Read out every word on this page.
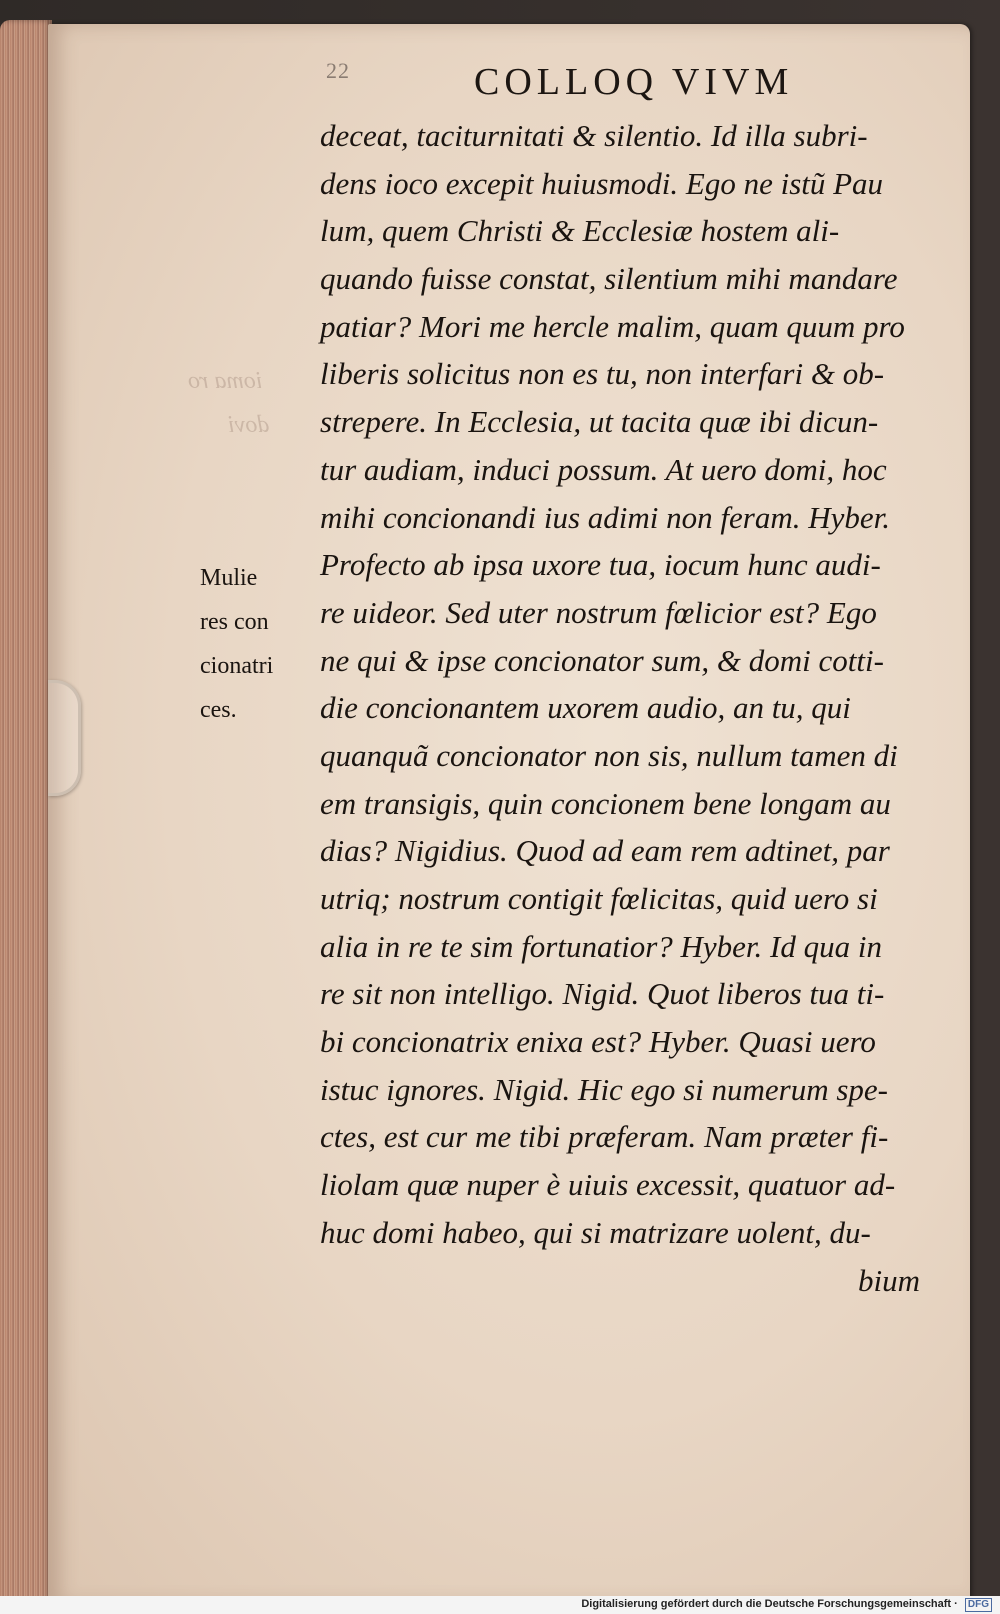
ioma ro
dovi
22	COLLOQ VIVM
deceat, taciturnitati & silentio. Id illa subri-
dens ioco excepit huiusmodi. Ego ne istũ Pau
lum, quem Christi & Ecclesiæ hostem ali-
quando fuisse constat, silentium mihi mandare
patiar? Mori me hercle malim, quam quum pro
liberis solicitus non es tu, non interfari & ob-
strepere. In Ecclesia, ut tacita quæ ibi dicun-
tur audiam, induci possum. At uero domi, hoc
mihi concionandi ius adimi non feram. Hyber.
Profecto ab ipsa uxore tua, iocum hunc audi-
re uideor. Sed uter nostrum fœlicior est? Ego
ne qui & ipse concionator sum, & domi cotti-
die concionantem uxorem audio, an tu, qui
quanquã concionator non sis, nullum tamen di
em transigis, quin concionem bene longam au
dias? Nigidius. Quod ad eam rem adtinet, par
utriq; nostrum contigit fœlicitas, quid uero si
alia in re te sim fortunatior? Hyber. Id qua in
re sit non intelligo. Nigid. Quot liberos tua ti-
bi concionatrix enixa est? Hyber. Quasi uero
istuc ignores. Nigid. Hic ego si numerum spe-
ctes, est cur me tibi præferam. Nam præter fi-
liolam quæ nuper è uiuis excessit, quatuor ad-
huc domi habeo, qui si matrizare uolent, du-
bium
Mulie
res con
cionatri
ces.
Digitalisierung gefördert durch die Deutsche Forschungsgemeinschaft · DFG
